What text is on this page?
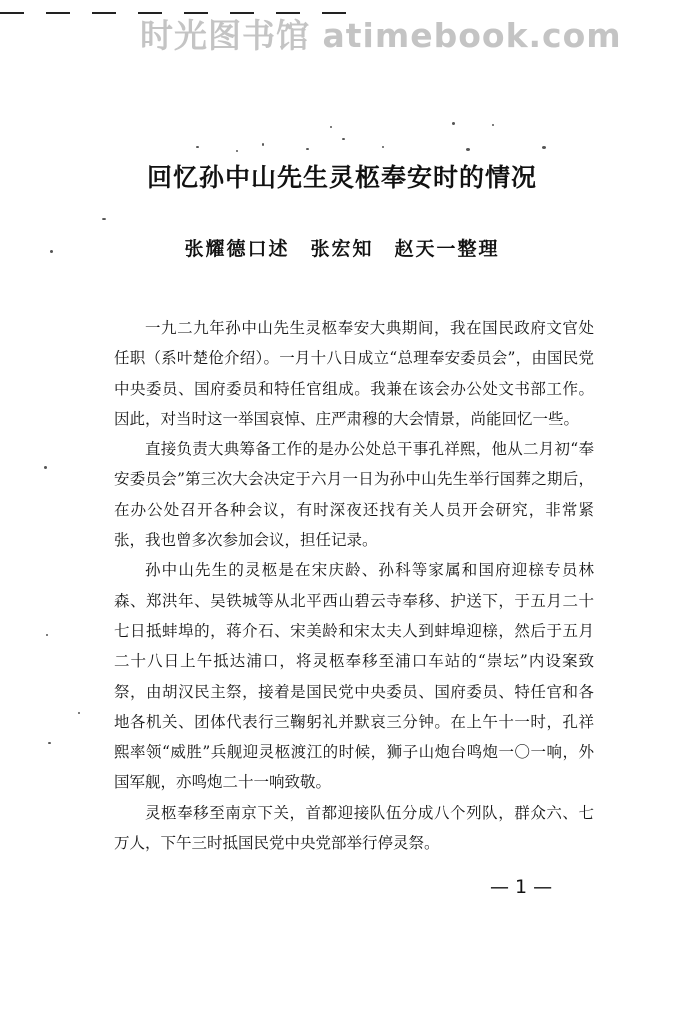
时光图书馆 atimebook.com
回忆孙中山先生灵柩奉安时的情况
张耀德口述　张宏知　赵天一整理

一九二九年孙中山先生灵柩奉安大典期间，我在国民政府文官处任职（系叶楚伧介绍）。一月十八日成立“总理奉安委员会”，由国民党中央委员、国府委员和特任官组成。我兼在该会办公处文书部工作。因此，对当时这一举国哀悼、庄严肃穆的大会情景，尚能回忆一些。

直接负责大典筹备工作的是办公处总干事孔祥熙，他从二月初“奉安委员会”第三次大会决定于六月一日为孙中山先生举行国葬之期后，在办公处召开各种会议，有时深夜还找有关人员开会研究，非常紧张，我也曾多次参加会议，担任记录。

孙中山先生的灵柩是在宋庆龄、孙科等家属和国府迎榇专员林森、郑洪年、吴铁城等从北平西山碧云寺奉移、护送下，于五月二十七日抵蚌埠的，蒋介石、宋美龄和宋太夫人到蚌埠迎榇，然后于五月二十八日上午抵达浦口，将灵柩奉移至浦口车站的“崇坛”内设案致祭，由胡汉民主祭，接着是国民党中央委员、国府委员、特任官和各地各机关、团体代表行三鞠躬礼并默哀三分钟。在上午十一时，孔祥熙率领“威胜”兵舰迎灵柩渡江的时候，狮子山炮台鸣炮一〇一响，外国军舰，亦鸣炮二十一响致敬。

灵柩奉移至南京下关，首都迎接队伍分成八个列队，群众六、七万人，下午三时抵国民党中央党部举行停灵祭。

— 1 —
